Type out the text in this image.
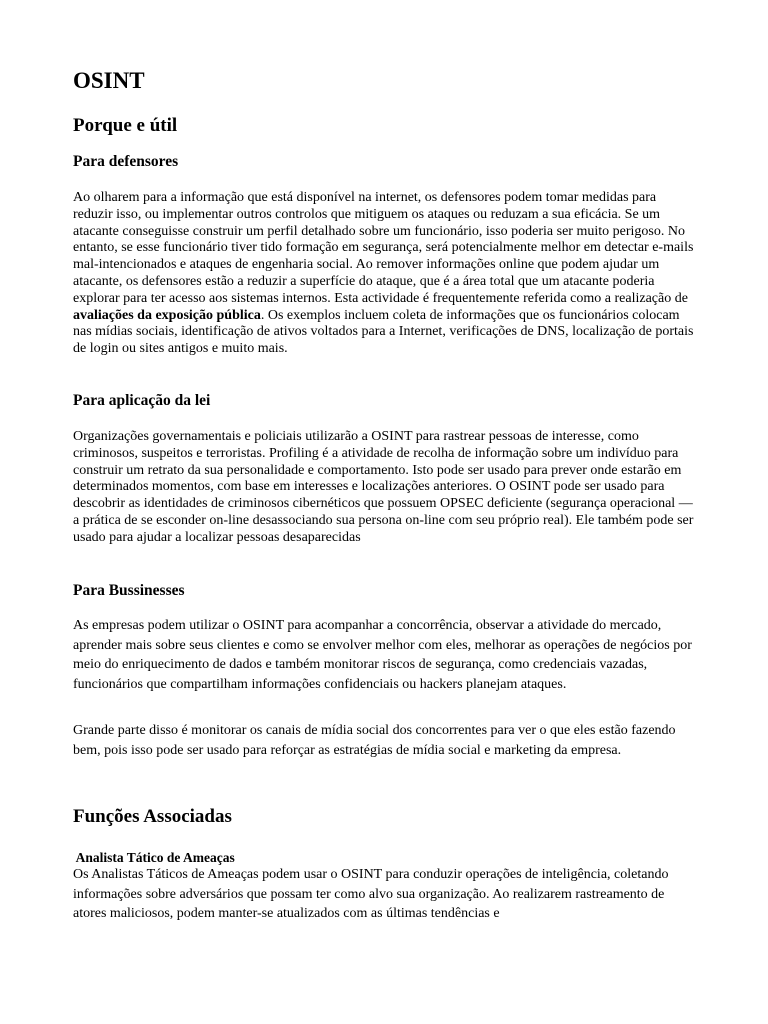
OSINT
Porque e útil
Para defensores

Ao olharem para a informação que está disponível na internet, os defensores podem tomar medidas para reduzir isso, ou implementar outros controlos que mitiguem os ataques ou reduzam a sua eficácia. Se um atacante conseguisse construir um perfil detalhado sobre um funcionário, isso poderia ser muito perigoso. No entanto, se esse funcionário tiver tido formação em segurança, será potencialmente melhor em detectar e-mails mal-intencionados e ataques de engenharia social. Ao remover informações online que podem ajudar um atacante, os defensores estão a reduzir a superfície do ataque, que é a área total que um atacante poderia explorar para ter acesso aos sistemas internos. Esta actividade é frequentemente referida como a realização de avaliações da exposição pública. Os exemplos incluem coleta de informações que os funcionários colocam nas mídias sociais, identificação de ativos voltados para a Internet, verificações de DNS, localização de portais de login ou sites antigos e muito mais.

Para aplicação da lei

Organizações governamentais e policiais utilizarão a OSINT para rastrear pessoas de interesse, como criminosos, suspeitos e terroristas. Profiling é a atividade de recolha de informação sobre um indivíduo para construir um retrato da sua personalidade e comportamento. Isto pode ser usado para prever onde estarão em determinados momentos, com base em interesses e localizações anteriores. O OSINT pode ser usado para descobrir as identidades de criminosos cibernéticos que possuem OPSEC deficiente (segurança operacional — a prática de se esconder on-line desassociando sua persona on-line com seu próprio real). Ele também pode ser usado para ajudar a localizar pessoas desaparecidas

Para Bussinesses

As empresas podem utilizar o OSINT para acompanhar a concorrência, observar a atividade do mercado, aprender mais sobre seus clientes e como se envolver melhor com eles, melhorar as operações de negócios por meio do enriquecimento de dados e também monitorar riscos de segurança, como credenciais vazadas, funcionários que compartilham informações confidenciais ou hackers planejam ataques.

Grande parte disso é monitorar os canais de mídia social dos concorrentes para ver o que eles estão fazendo bem, pois isso pode ser usado para reforçar as estratégias de mídia social e marketing da empresa.

Funções Associadas
Analista Tático de Ameaças

Os Analistas Táticos de Ameaças podem usar o OSINT para conduzir operações de inteligência, coletando informações sobre adversários que possam ter como alvo sua organização. Ao realizarem rastreamento de atores maliciosos, podem manter-se atualizados com as últimas tendências e
